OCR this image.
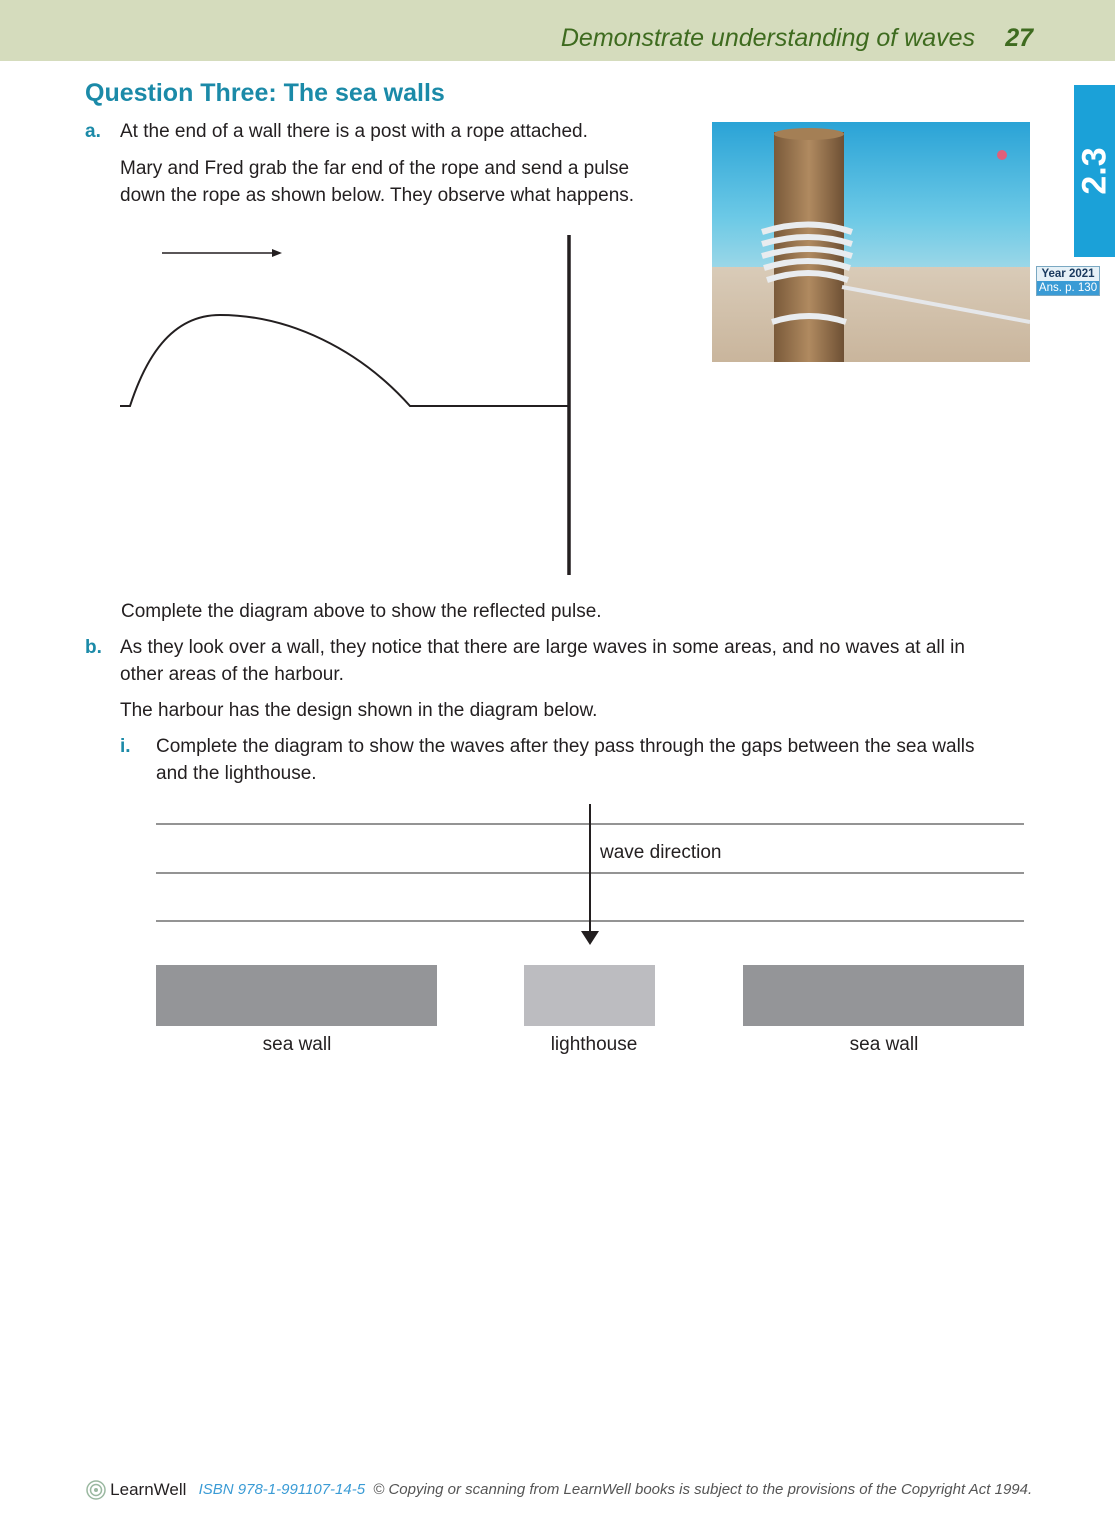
Demonstrate understanding of waves 27
2.3
Year 2021
Ans. p. 130
Question Three: The sea walls
a. At the end of a wall there is a post with a rope attached.
Mary and Fred grab the far end of the rope and send a pulse
down the rope as shown below. They observe what happens.
Complete the diagram above to show the reflected pulse.
b. As they look over a wall, they notice that there are large waves in some areas, and no waves at all in
other areas of the harbour.
The harbour has the design shown in the diagram below.
i. Complete the diagram to show the waves after they pass through the gaps between the sea walls
and the lighthouse.
wave direction
sea wall	lighthouse	sea wall
LearnWell ISBN 978-1-991107-14-5 © Copying or scanning from LearnWell books is subject to the provisions of the Copyright Act 1994.
